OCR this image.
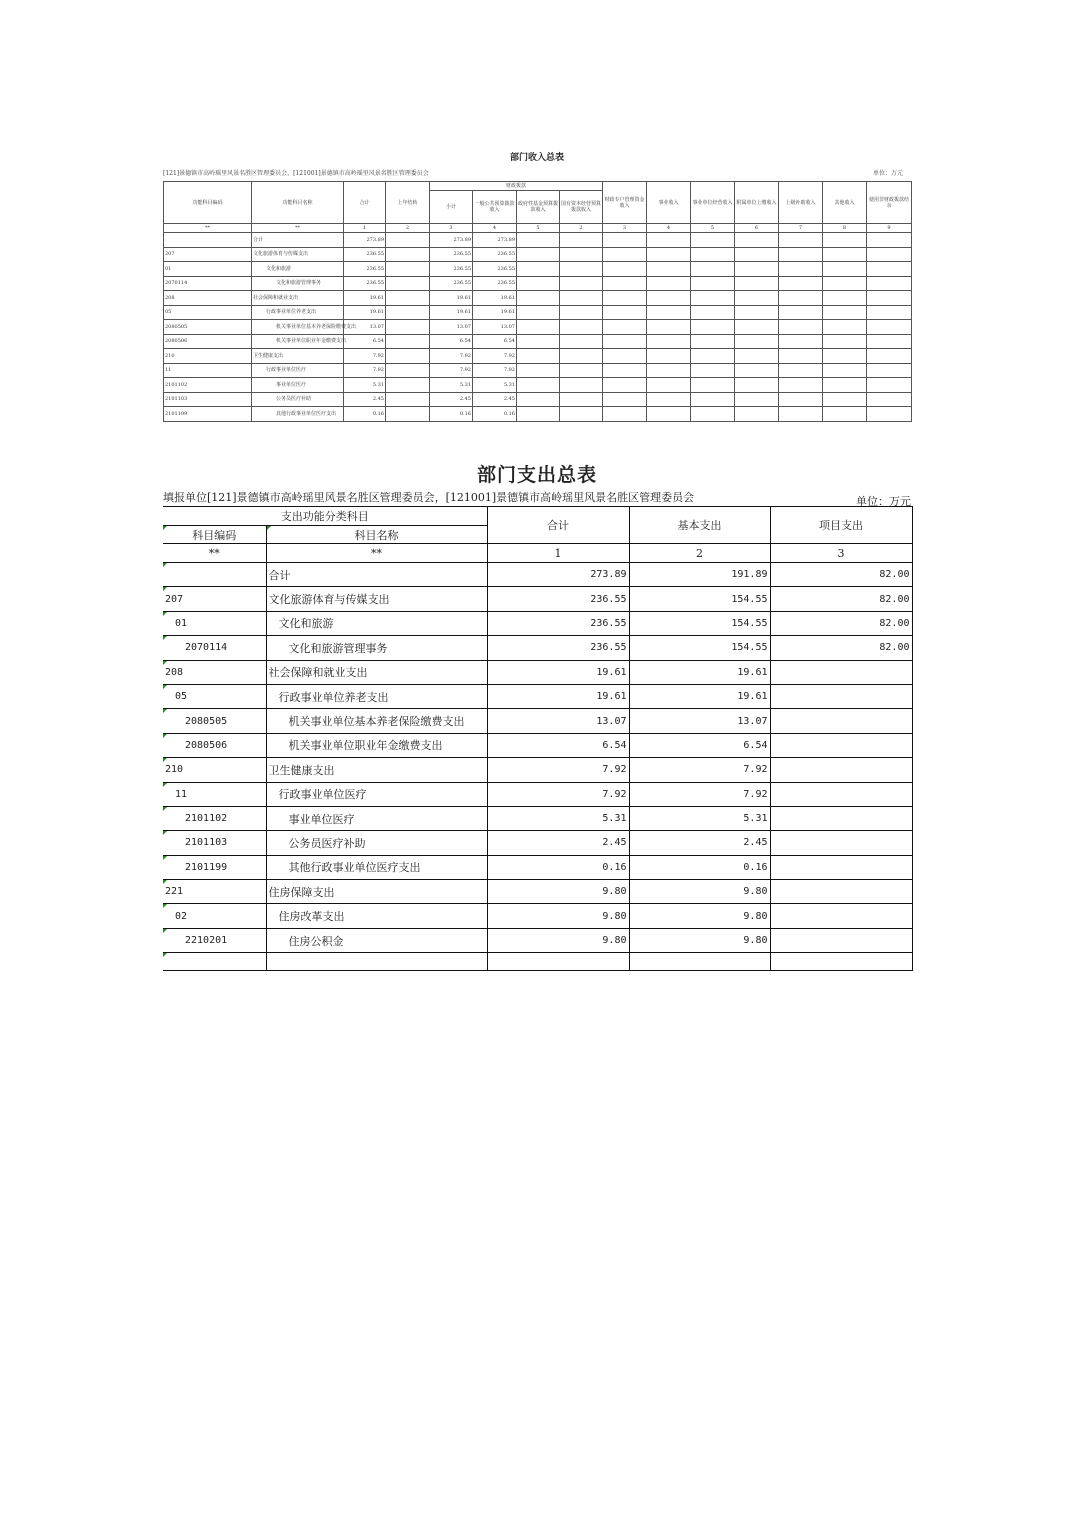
部门收入总表
[121]景德镇市高岭瑶里风景名胜区管理委员会，[121001]景德镇市高岭瑶里风景名胜区管理委员会	单位：万元
功能科目编码	功能科目名称	合计	上年结转	财政拨款				财政专户管理资金收入	事业收入	事业单位经营收入	附属单位上缴收入	上级补助收入	其他收入	使用非财政拨款结余
				小计	一般公共预算拨款收入	政府性基金预算拨款收入	国有资本经营预算拨款收入							
**	**	1	2	3	4	5	2	3	4	5	6	7	8	9
	合计	273.89		273.89	273.89									
207	文化旅游体育与传媒支出	236.55		236.55	236.55									
01	文化和旅游	236.55		236.55	236.55									
2070114	文化和旅游管理事务	236.55		236.55	236.55									
208	社会保障和就业支出	19.61		19.61	19.61									
05	行政事业单位养老支出	19.61		19.61	19.61									
2080505	机关事业单位基本养老保险缴费支出	13.07		13.07	13.07									
2080506	机关事业单位职业年金缴费支出	6.54		6.54	6.54									
210	卫生健康支出	7.92		7.92	7.92									
11	行政事业单位医疗	7.92		7.92	7.92									
2101102	事业单位医疗	5.31		5.31	5.31									
2101103	公务员医疗补助	2.45		2.45	2.45									
2101199	其他行政事业单位医疗支出	0.16		0.16	0.16									
部门支出总表
填报单位[121]景德镇市高岭瑶里风景名胜区管理委员会，[121001]景德镇市高岭瑶里风景名胜区管理委员会	单位：万元
支出功能分类科目		合计	基本支出	项目支出
科目编码	科目名称			
**	**	1	2	3
	合计	273.89	191.89	82.00
207	文化旅游体育与传媒支出	236.55	154.55	82.00
01	文化和旅游	236.55	154.55	82.00
2070114	文化和旅游管理事务	236.55	154.55	82.00
208	社会保障和就业支出	19.61	19.61	
05	行政事业单位养老支出	19.61	19.61	
2080505	机关事业单位基本养老保险缴费支出	13.07	13.07	
2080506	机关事业单位职业年金缴费支出	6.54	6.54	
210	卫生健康支出	7.92	7.92	
11	行政事业单位医疗	7.92	7.92	
2101102	事业单位医疗	5.31	5.31	
2101103	公务员医疗补助	2.45	2.45	
2101199	其他行政事业单位医疗支出	0.16	0.16	
221	住房保障支出	9.80	9.80	
02	住房改革支出	9.80	9.80	
2210201	住房公积金	9.80	9.80	
